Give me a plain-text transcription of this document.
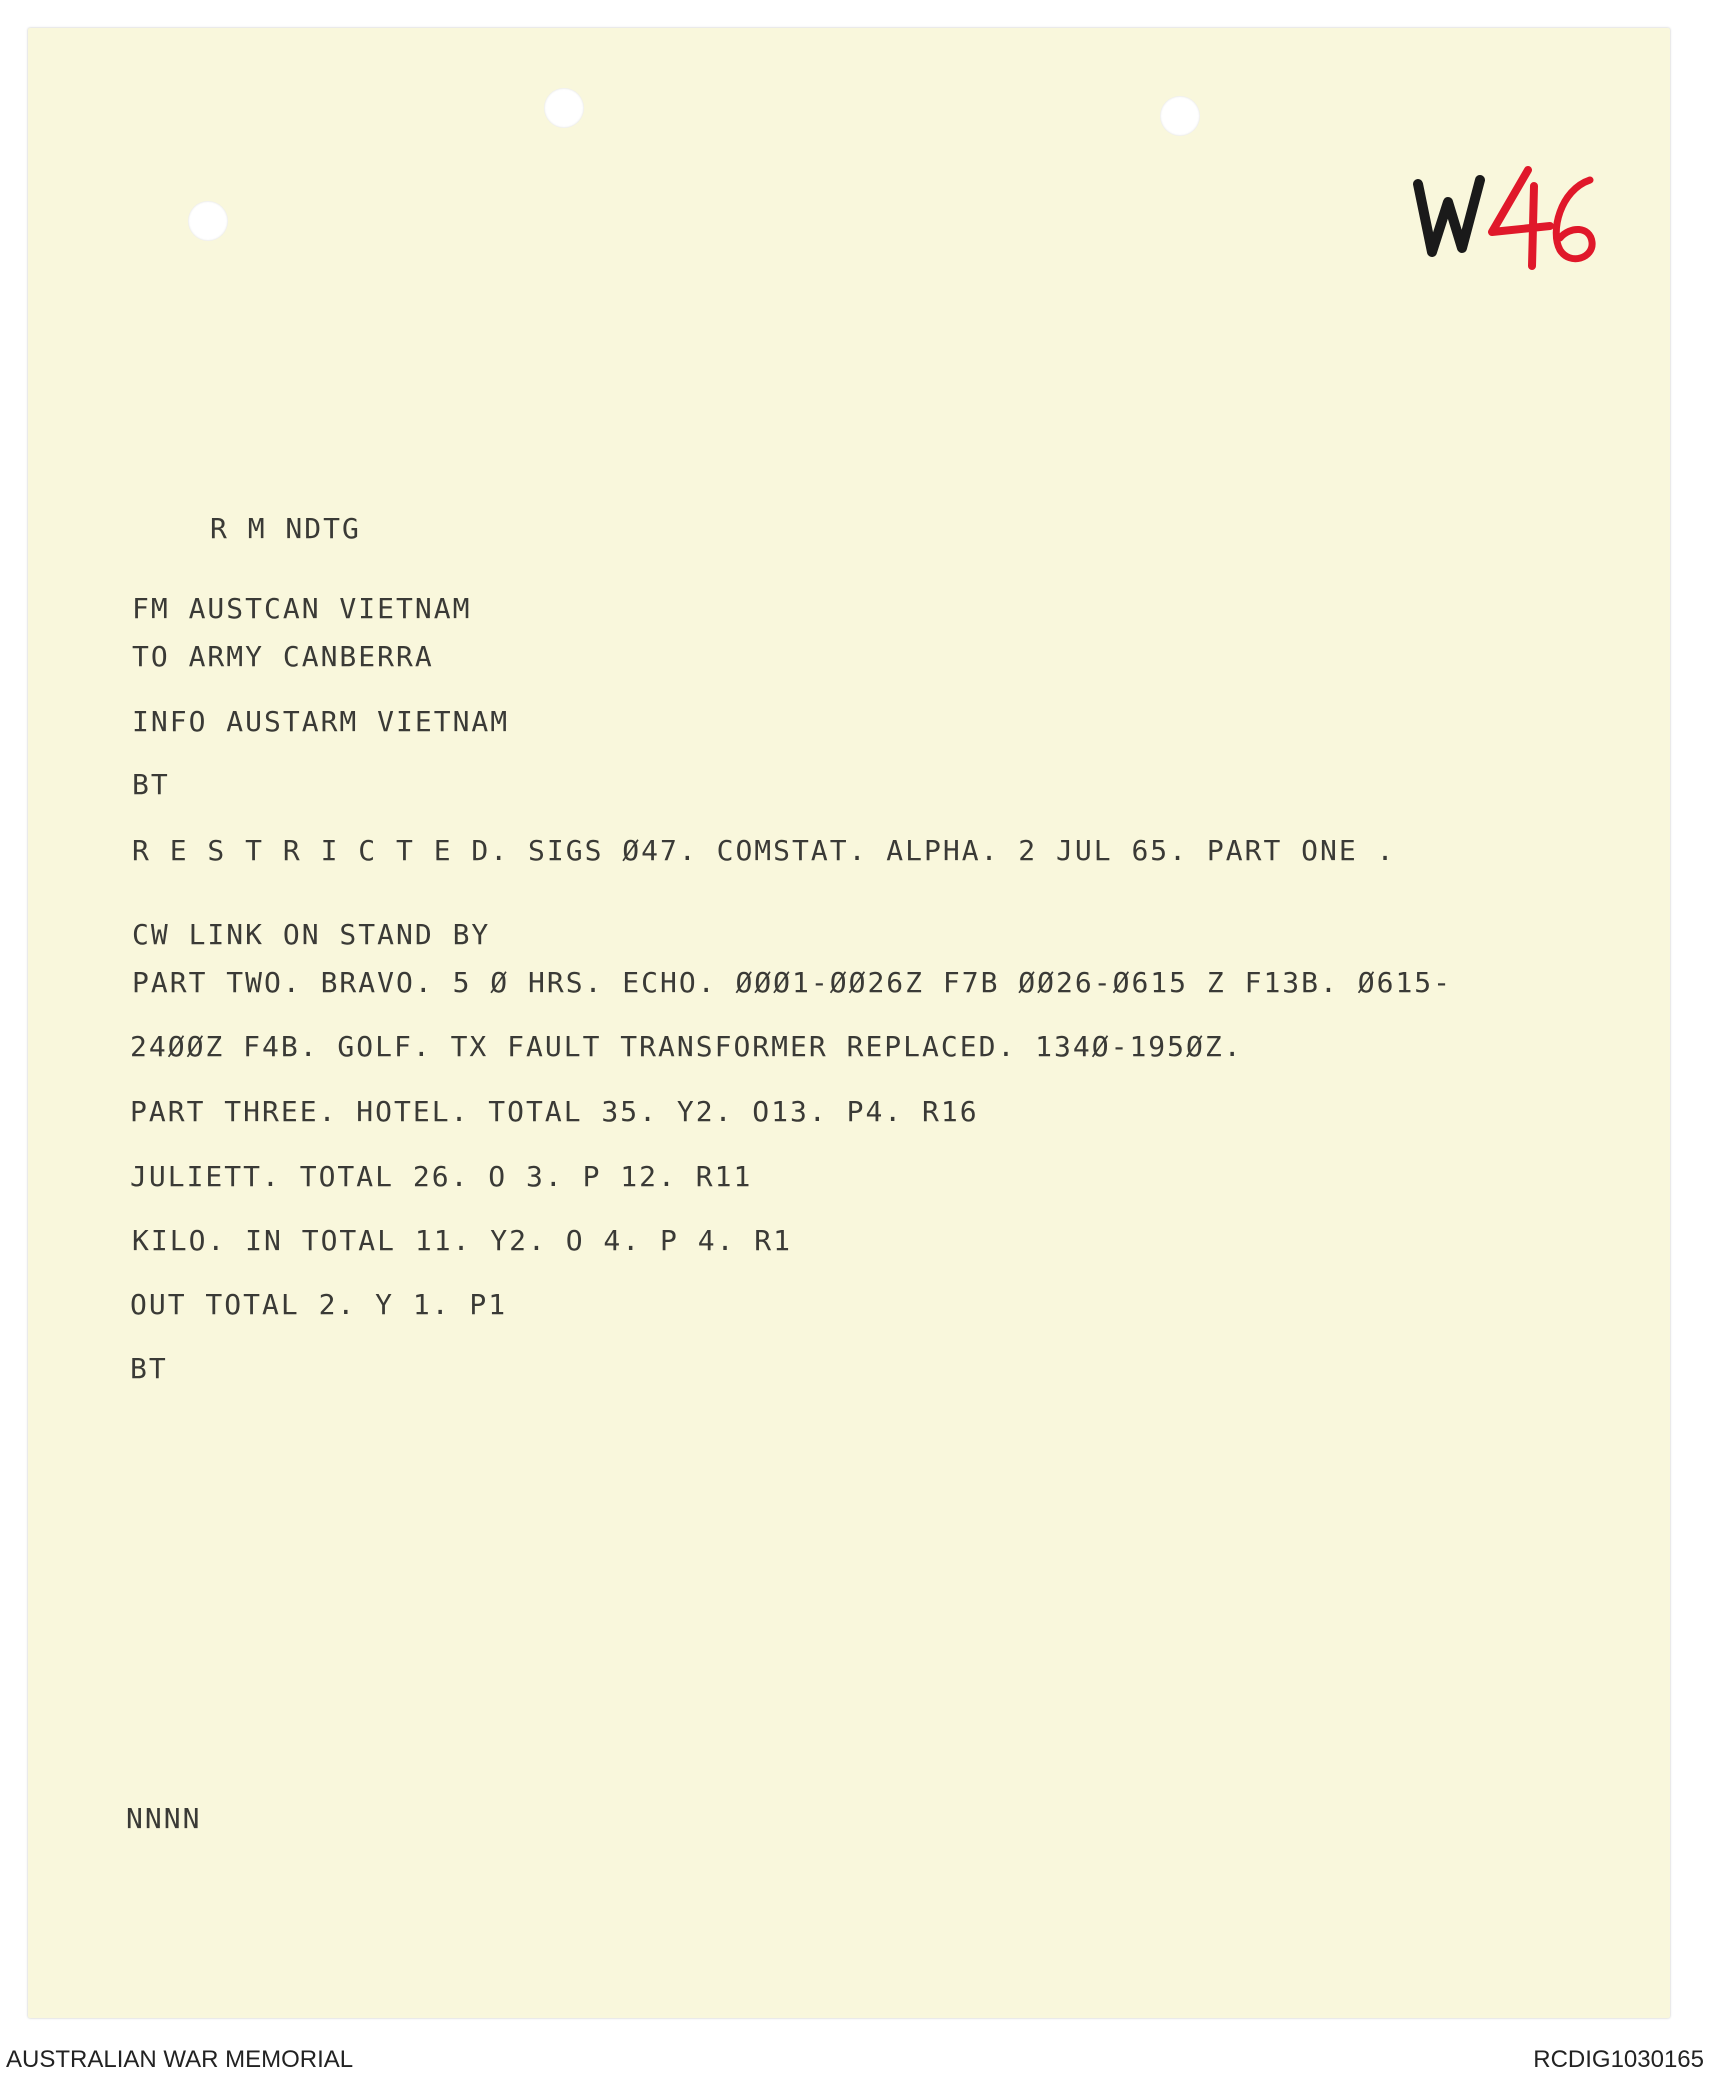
R M NDTG
FM AUSTCAN VIETNAM
TO ARMY CANBERRA
INFO AUSTARM VIETNAM
BT
R E S T R I C T E D. SIGS Ø47. COMSTAT. ALPHA. 2 JUL 65. PART ONE .
CW LINK ON STAND BY
PART TWO. BRAVO. 5 Ø HRS. ECHO. ØØØ1-ØØ26Z F7B ØØ26-Ø615 Z F13B. Ø615-
24ØØZ F4B. GOLF. TX FAULT TRANSFORMER REPLACED. 134Ø-195ØZ.
PART THREE. HOTEL. TOTAL 35. Y2. O13. P4. R16
JULIETT. TOTAL 26. O 3. P 12. R11
KILO. IN TOTAL 11. Y2. O 4. P 4. R1
OUT TOTAL 2. Y 1. P1
BT
NNNN
AUSTRALIAN WAR MEMORIAL	RCDIG1030165
